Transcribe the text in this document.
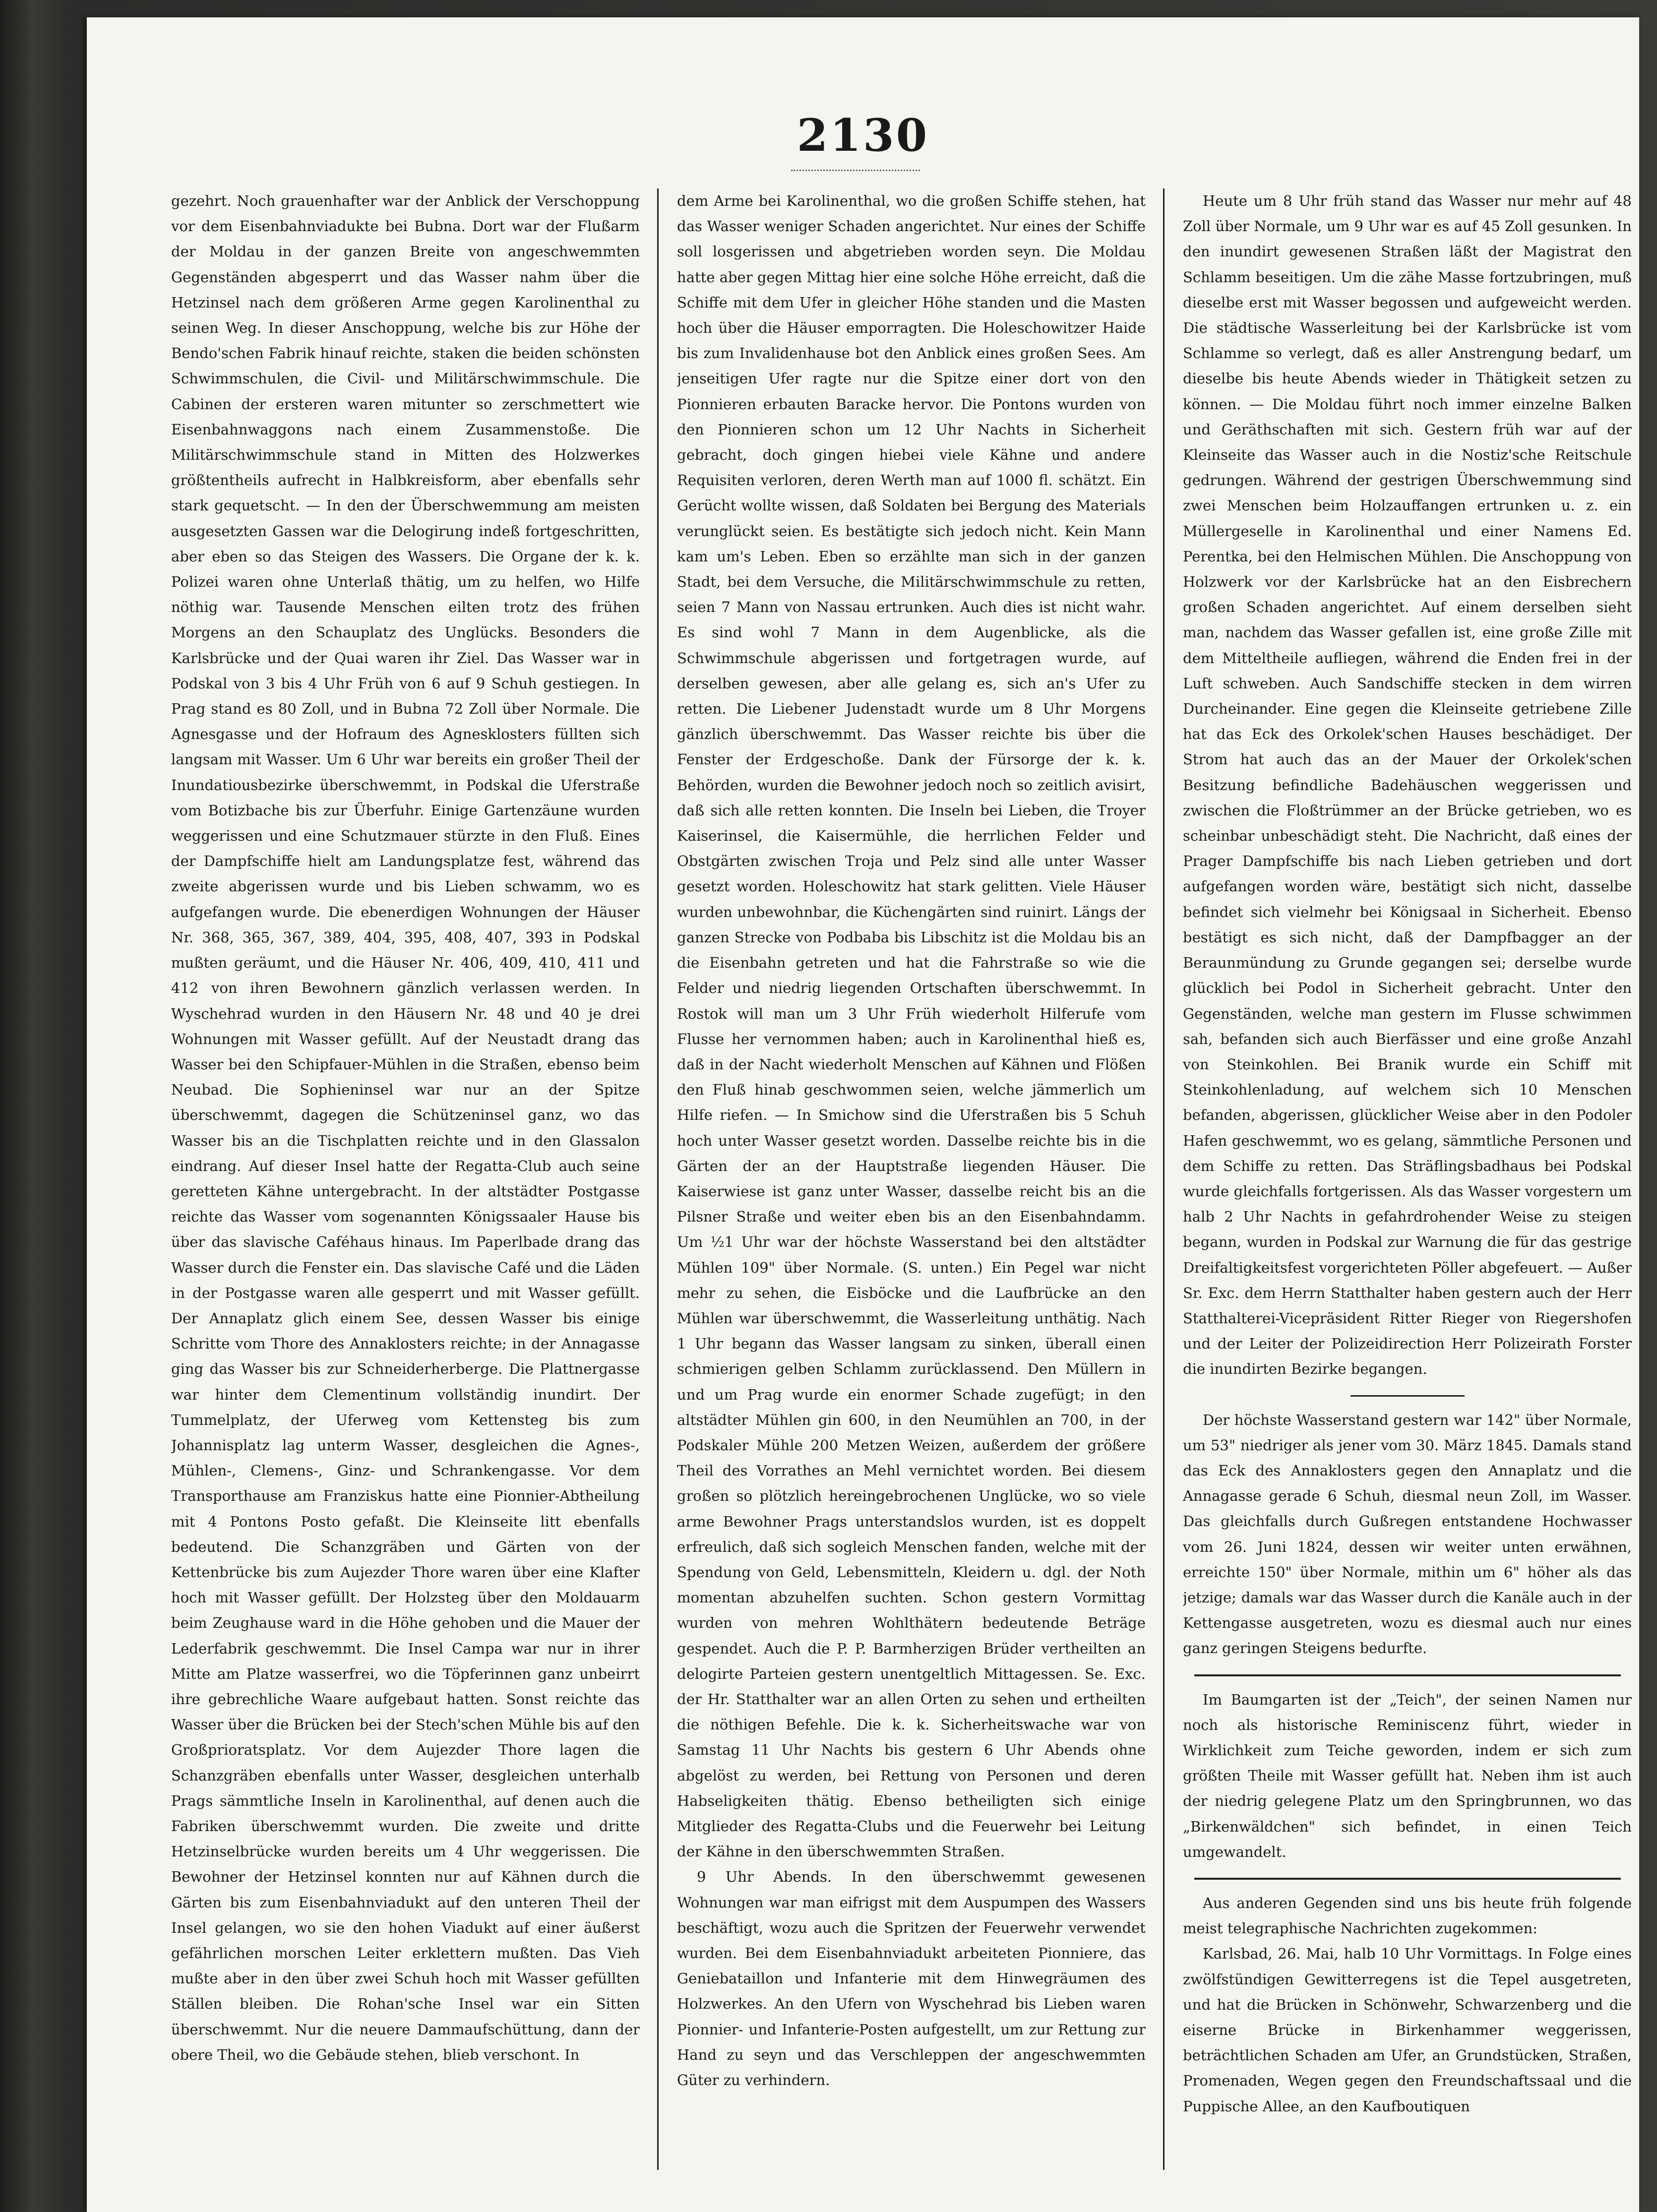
2130

gezehrt. Noch grauenhafter war der Anblick der Verschoppung vor dem Eisenbahnviadukte bei Bubna. Dort war der Flußarm der Moldau in der ganzen Breite von angeschwemmten Gegenständen abgesperrt und das Wasser nahm über die Hetzinsel nach dem größeren Arme gegen Karolinenthal zu seinen Weg. In dieser Anschoppung, welche bis zur Höhe der Bendo'schen Fabrik hinauf reichte, staken die beiden schönsten Schwimmschulen, die Civil- und Militärschwimmschule. Die Cabinen der ersteren waren mitunter so zerschmettert wie Eisenbahnwaggons nach einem Zusammenstoße. Die Militärschwimmschule stand in Mitten des Holzwerkes größtentheils aufrecht in Halbkreisform, aber ebenfalls sehr stark gequetscht. — In den der Überschwemmung am meisten ausgesetzten Gassen war die Delogirung indeß fortgeschritten, aber eben so das Steigen des Wassers. Die Organe der k. k. Polizei waren ohne Unterlaß thätig, um zu helfen, wo Hilfe nöthig war. Tausende Menschen eilten trotz des frühen Morgens an den Schauplatz des Unglücks. Besonders die Karlsbrücke und der Quai waren ihr Ziel. Das Wasser war in Podskal von 3 bis 4 Uhr Früh von 6 auf 9 Schuh gestiegen. In Prag stand es 80 Zoll, und in Bubna 72 Zoll über Normale. Die Agnesgasse und der Hofraum des Agnesklosters füllten sich langsam mit Wasser. Um 6 Uhr war bereits ein großer Theil der Inundatiousbezirke überschwemmt, in Podskal die Uferstraße vom Botizbache bis zur Überfuhr. Einige Gartenzäune wurden weggerissen und eine Schutzmauer stürzte in den Fluß. Eines der Dampfschiffe hielt am Landungsplatze fest, während das zweite abgerissen wurde und bis Lieben schwamm, wo es aufgefangen wurde. Die ebenerdigen Wohnungen der Häuser Nr. 368, 365, 367, 389, 404, 395, 408, 407, 393 in Podskal mußten geräumt, und die Häuser Nr. 406, 409, 410, 411 und 412 von ihren Bewohnern gänzlich verlassen werden. In Wyschehrad wurden in den Häusern Nr. 48 und 40 je drei Wohnungen mit Wasser gefüllt. Auf der Neustadt drang das Wasser bei den Schipfauer-Mühlen in die Straßen, ebenso beim Neubad. Die Sophieninsel war nur an der Spitze überschwemmt, dagegen die Schützeninsel ganz, wo das Wasser bis an die Tischplatten reichte und in den Glassalon eindrang. Auf dieser Insel hatte der Regatta-Club auch seine geretteten Kähne untergebracht. In der altstädter Postgasse reichte das Wasser vom sogenannten Königssaaler Hause bis über das slavische Caféhaus hinaus. Im Paperlbade drang das Wasser durch die Fenster ein. Das slavische Café und die Läden in der Postgasse waren alle gesperrt und mit Wasser gefüllt. Der Annaplatz glich einem See, dessen Wasser bis einige Schritte vom Thore des Annaklosters reichte; in der Annagasse ging das Wasser bis zur Schneiderherberge. Die Plattnergasse war hinter dem Clementinum vollständig inundirt. Der Tummelplatz, der Uferweg vom Kettensteg bis zum Johannisplatz lag unterm Wasser, desgleichen die Agnes-, Mühlen-, Clemens-, Ginz- und Schrankengasse. Vor dem Transporthause am Franziskus hatte eine Pionnier-Abtheilung mit 4 Pontons Posto gefaßt. Die Kleinseite litt ebenfalls bedeutend. Die Schanzgräben und Gärten von der Kettenbrücke bis zum Aujezder Thore waren über eine Klafter hoch mit Wasser gefüllt. Der Holzsteg über den Moldauarm beim Zeughause ward in die Höhe gehoben und die Mauer der Lederfabrik geschwemmt. Die Insel Campa war nur in ihrer Mitte am Platze wasserfrei, wo die Töpferinnen ganz unbeirrt ihre gebrechliche Waare aufgebaut hatten. Sonst reichte das Wasser über die Brücken bei der Stech'schen Mühle bis auf den Großprioratsplatz. Vor dem Aujezder Thore lagen die Schanzgräben ebenfalls unter Wasser, desgleichen unterhalb Prags sämmtliche Inseln in Karolinenthal, auf denen auch die Fabriken überschwemmt wurden. Die zweite und dritte Hetzinselbrücke wurden bereits um 4 Uhr weggerissen. Die Bewohner der Hetzinsel konnten nur auf Kähnen durch die Gärten bis zum Eisenbahnviadukt auf den unteren Theil der Insel gelangen, wo sie den hohen Viadukt auf einer äußerst gefährlichen morschen Leiter erklettern mußten. Das Vieh mußte aber in den über zwei Schuh hoch mit Wasser gefüllten Ställen bleiben. Die Rohan'sche Insel war ein Sitten überschwemmt. Nur die neuere Dammaufschüttung, dann der obere Theil, wo die Gebäude stehen, blieb verschont. In

dem Arme bei Karolinenthal, wo die großen Schiffe stehen, hat das Wasser weniger Schaden angerichtet. Nur eines der Schiffe soll losgerissen und abgetrieben worden seyn. Die Moldau hatte aber gegen Mittag hier eine solche Höhe erreicht, daß die Schiffe mit dem Ufer in gleicher Höhe standen und die Masten hoch über die Häuser emporragten. Die Holeschowitzer Haide bis zum Invalidenhause bot den Anblick eines großen Sees. Am jenseitigen Ufer ragte nur die Spitze einer dort von den Pionnieren erbauten Baracke hervor. Die Pontons wurden von den Pionnieren schon um 12 Uhr Nachts in Sicherheit gebracht, doch gingen hiebei viele Kähne und andere Requisiten verloren, deren Werth man auf 1000 fl. schätzt. Ein Gerücht wollte wissen, daß Soldaten bei Bergung des Materials verunglückt seien. Es bestätigte sich jedoch nicht. Kein Mann kam um's Leben. Eben so erzählte man sich in der ganzen Stadt, bei dem Versuche, die Militärschwimmschule zu retten, seien 7 Mann von Nassau ertrunken. Auch dies ist nicht wahr. Es sind wohl 7 Mann in dem Augenblicke, als die Schwimmschule abgerissen und fortgetragen wurde, auf derselben gewesen, aber alle gelang es, sich an's Ufer zu retten. Die Liebener Judenstadt wurde um 8 Uhr Morgens gänzlich überschwemmt. Das Wasser reichte bis über die Fenster der Erdgeschoße. Dank der Fürsorge der k. k. Behörden, wurden die Bewohner jedoch noch so zeitlich avisirt, daß sich alle retten konnten. Die Inseln bei Lieben, die Troyer Kaiserinsel, die Kaisermühle, die herrlichen Felder und Obstgärten zwischen Troja und Pelz sind alle unter Wasser gesetzt worden. Holeschowitz hat stark gelitten. Viele Häuser wurden unbewohnbar, die Küchengärten sind ruinirt. Längs der ganzen Strecke von Podbaba bis Libschitz ist die Moldau bis an die Eisenbahn getreten und hat die Fahrstraße so wie die Felder und niedrig liegenden Ortschaften überschwemmt. In Rostok will man um 3 Uhr Früh wiederholt Hilferufe vom Flusse her vernommen haben; auch in Karolinenthal hieß es, daß in der Nacht wiederholt Menschen auf Kähnen und Flößen den Fluß hinab geschwommen seien, welche jämmerlich um Hilfe riefen. — In Smichow sind die Uferstraßen bis 5 Schuh hoch unter Wasser gesetzt worden. Dasselbe reichte bis in die Gärten der an der Hauptstraße liegenden Häuser. Die Kaiserwiese ist ganz unter Wasser, dasselbe reicht bis an die Pilsner Straße und weiter eben bis an den Eisenbahndamm. Um ½1 Uhr war der höchste Wasserstand bei den altstädter Mühlen 109" über Normale. (S. unten.) Ein Pegel war nicht mehr zu sehen, die Eisböcke und die Laufbrücke an den Mühlen war überschwemmt, die Wasserleitung unthätig. Nach 1 Uhr begann das Wasser langsam zu sinken, überall einen schmierigen gelben Schlamm zurücklassend. Den Müllern in und um Prag wurde ein enormer Schade zugefügt; in den altstädter Mühlen gin 600, in den Neumühlen an 700, in der Podskaler Mühle 200 Metzen Weizen, außerdem der größere Theil des Vorrathes an Mehl vernichtet worden. Bei diesem großen so plötzlich hereingebrochenen Unglücke, wo so viele arme Bewohner Prags unterstandslos wurden, ist es doppelt erfreulich, daß sich sogleich Menschen fanden, welche mit der Spendung von Geld, Lebensmitteln, Kleidern u. dgl. der Noth momentan abzuhelfen suchten. Schon gestern Vormittag wurden von mehren Wohlthätern bedeutende Beträge gespendet. Auch die P. P. Barmherzigen Brüder vertheilten an delogirte Parteien gestern unentgeltlich Mittagessen. Se. Exc. der Hr. Statthalter war an allen Orten zu sehen und ertheilten die nöthigen Befehle. Die k. k. Sicherheitswache war von Samstag 11 Uhr Nachts bis gestern 6 Uhr Abends ohne abgelöst zu werden, bei Rettung von Personen und deren Habseligkeiten thätig. Ebenso betheiligten sich einige Mitglieder des Regatta-Clubs und die Feuerwehr bei Leitung der Kähne in den überschwemmten Straßen.

9 Uhr Abends. In den überschwemmt gewesenen Wohnungen war man eifrigst mit dem Auspumpen des Wassers beschäftigt, wozu auch die Spritzen der Feuerwehr verwendet wurden. Bei dem Eisenbahnviadukt arbeiteten Pionniere, das Geniebataillon und Infanterie mit dem Hinwegräumen des Holzwerkes. An den Ufern von Wyschehrad bis Lieben waren Pionnier- und Infanterie-Posten aufgestellt, um zur Rettung zur Hand zu seyn und das Verschleppen der angeschwemmten Güter zu verhindern.

Heute um 8 Uhr früh stand das Wasser nur mehr auf 48 Zoll über Normale, um 9 Uhr war es auf 45 Zoll gesunken. In den inundirt gewesenen Straßen läßt der Magistrat den Schlamm beseitigen. Um die zähe Masse fortzubringen, muß dieselbe erst mit Wasser begossen und aufgeweicht werden. Die städtische Wasserleitung bei der Karlsbrücke ist vom Schlamme so verlegt, daß es aller Anstrengung bedarf, um dieselbe bis heute Abends wieder in Thätigkeit setzen zu können. — Die Moldau führt noch immer einzelne Balken und Geräthschaften mit sich. Gestern früh war auf der Kleinseite das Wasser auch in die Nostiz'sche Reitschule gedrungen. Während der gestrigen Überschwemmung sind zwei Menschen beim Holzauffangen ertrunken u. z. ein Müllergeselle in Karolinenthal und einer Namens Ed. Perentka, bei den Helmischen Mühlen. Die Anschoppung von Holzwerk vor der Karlsbrücke hat an den Eisbrechern großen Schaden angerichtet. Auf einem derselben sieht man, nachdem das Wasser gefallen ist, eine große Zille mit dem Mitteltheile aufliegen, während die Enden frei in der Luft schweben. Auch Sandschiffe stecken in dem wirren Durcheinander. Eine gegen die Kleinseite getriebene Zille hat das Eck des Orkolek'schen Hauses beschädiget. Der Strom hat auch das an der Mauer der Orkolek'schen Besitzung befindliche Badehäuschen weggerissen und zwischen die Floßtrümmer an der Brücke getrieben, wo es scheinbar unbeschädigt steht. Die Nachricht, daß eines der Prager Dampfschiffe bis nach Lieben getrieben und dort aufgefangen worden wäre, bestätigt sich nicht, dasselbe befindet sich vielmehr bei Königsaal in Sicherheit. Ebenso bestätigt es sich nicht, daß der Dampfbagger an der Beraunmündung zu Grunde gegangen sei; derselbe wurde glücklich bei Podol in Sicherheit gebracht. Unter den Gegenständen, welche man gestern im Flusse schwimmen sah, befanden sich auch Bierfässer und eine große Anzahl von Steinkohlen. Bei Branik wurde ein Schiff mit Steinkohlenladung, auf welchem sich 10 Menschen befanden, abgerissen, glücklicher Weise aber in den Podoler Hafen geschwemmt, wo es gelang, sämmtliche Personen und dem Schiffe zu retten. Das Sträflingsbadhaus bei Podskal wurde gleichfalls fortgerissen. Als das Wasser vorgestern um halb 2 Uhr Nachts in gefahrdrohender Weise zu steigen begann, wurden in Podskal zur Warnung die für das gestrige Dreifaltigkeitsfest vorgerichteten Pöller abgefeuert. — Außer Sr. Exc. dem Herrn Statthalter haben gestern auch der Herr Statthalterei-Vicepräsident Ritter Rieger von Riegershofen und der Leiter der Polizeidirection Herr Polizeirath Forster die inundirten Bezirke begangen.

Der höchste Wasserstand gestern war 142" über Normale, um 53" niedriger als jener vom 30. März 1845. Damals stand das Eck des Annaklosters gegen den Annaplatz und die Annagasse gerade 6 Schuh, diesmal neun Zoll, im Wasser. Das gleichfalls durch Gußregen entstandene Hochwasser vom 26. Juni 1824, dessen wir weiter unten erwähnen, erreichte 150" über Normale, mithin um 6" höher als das jetzige; damals war das Wasser durch die Kanäle auch in der Kettengasse ausgetreten, wozu es diesmal auch nur eines ganz geringen Steigens bedurfte.

Im Baumgarten ist der „Teich", der seinen Namen nur noch als historische Reminiscenz führt, wieder in Wirklichkeit zum Teiche geworden, indem er sich zum größten Theile mit Wasser gefüllt hat. Neben ihm ist auch der niedrig gelegene Platz um den Springbrunnen, wo das „Birkenwäldchen" sich befindet, in einen Teich umgewandelt.

Aus anderen Gegenden sind uns bis heute früh folgende meist telegraphische Nachrichten zugekommen:

Karlsbad, 26. Mai, halb 10 Uhr Vormittags. In Folge eines zwölfstündigen Gewitterregens ist die Tepel ausgetreten, und hat die Brücken in Schönwehr, Schwarzenberg und die eiserne Brücke in Birkenhammer weggerissen, beträchtlichen Schaden am Ufer, an Grundstücken, Straßen, Promenaden, Wegen gegen den Freundschaftssaal und die Puppische Allee, an den Kaufboutiquen
